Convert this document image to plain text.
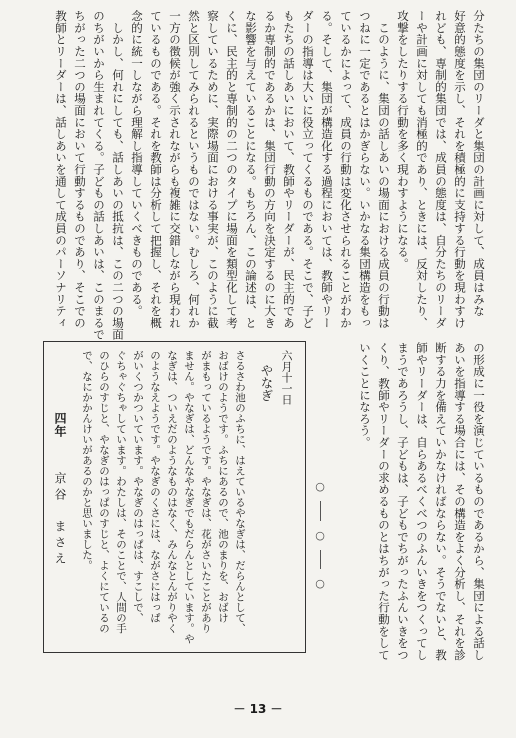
分たちの集団のリーダと集団の計画に対して、成員はみな
好意的態度を示し、それを積極的に支持する行動を現わすけ
れども、専制的集団では、成員の態度は、自分たちのリーダ
ーや計画に対しても消極的であり、ときには、反対したり、
攻撃をしたりする行動を多く現わすようになる。
　このように、集団の話しあいの場面における成員の行動は
つねに一定であるとはかぎらない。いかなる集団構造をもっ
ているかによって、成員の行動は変化させられることがわか
る。そして、集団が構造化する過程においては、教師やリー
ダーの指導は大いに役立ってくるものである。そこで、子ど
もたちの話しあいにおいて、教師やリーダーが、民主的であ
るか専制的であるかは、集団行動の方向を決定するのに大き
な影響を与えていることになる。もちろん、この論述は、と
くに、民主的と専制的の二つのタイプに場面を類型化して考
察しているために、実際場面における事実が、このように截
然と区別してみられるというものではない。むしろ、何れか
一方の徴候が強く示されながらも複雑に交錯しながら現われ
ているものである。それを教師は分析して把握し、それを概
念的に統一しながら理解し指導していくべきものである。
　しかし、何れにしても、話しあいの抵抗は、この二つの場面
のちがいから生まれてくる。子どもの話しあいは、このまるで
ちがった二つの場面において行動するものであり、そこでの
教師とリーダーは、話しあいを通して成員のパーソナリティ
の形成に一役を演じているものであるから、集団による話し
あいを指導する場合には、その構造をよく分析し、それを診
断する力を備えていかなければならない。そうでないと、教
師やリーダーは、自らあるべくべつのふんいきをつくってし
まうであろうし、子どもは、子どもでちがったふんいきをつ
くり、教師やリーダーの求めるものとはちがった行動をして
いくことになろう。
○
○
○
六月十一日
やなぎ
さるさわ池のふちに、はえているやなぎは、だらんとして、
おばけのようです。ふちにあるので、池のまりを、おばけ
がまもっているようです。やなぎは、花がさいたことがあり
ません。やなぎは、どんなやなぎでもだらんとしています。や
なぎは、ついえだのようなものはなく、みんなとんがりやく
のようなえようです。やなぎのくさには、ながさにはっぱ
がいくつかついています。やなぎのはっぱは、すこしで、
ぐちゃぐちゃしています。わたしは、そのことで、人間の手
のひらのすじと、やなぎのはっぱのすじと、よくにているの
で、なにかかんけいがあるのかと思いました。
四年 京谷　まさえ
－ 13 －
